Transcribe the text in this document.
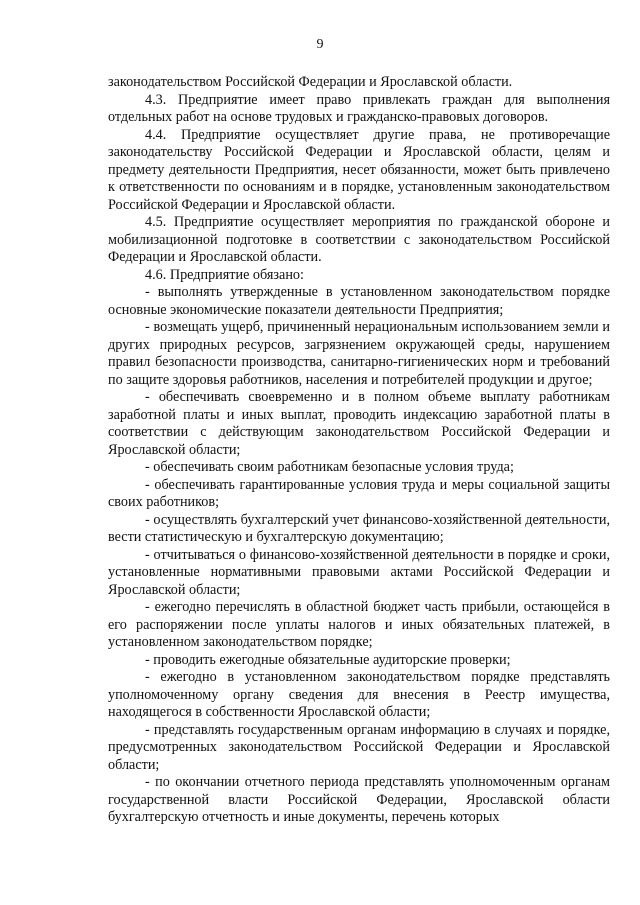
9

законодательством Российской Федерации и Ярославской области.

4.3. Предприятие имеет право привлекать граждан для выполнения отдельных работ на основе трудовых и гражданско-правовых договоров.

4.4. Предприятие осуществляет другие права, не противоречащие законодательству Российской Федерации и Ярославской области, целям и предмету деятельности Предприятия, несет обязанности, может быть привлечено к ответственности по основаниям и в порядке, установленным законодательством Российской Федерации и Ярославской области.

4.5. Предприятие осуществляет мероприятия по гражданской обороне и мобилизационной подготовке в соответствии с законодательством Российской Федерации и Ярославской области.

4.6. Предприятие обязано:

- выполнять утвержденные в установленном законодательством порядке основные экономические показатели деятельности Предприятия;

- возмещать ущерб, причиненный нерациональным использованием земли и других природных ресурсов, загрязнением окружающей среды, нарушением правил безопасности производства, санитарно-гигиенических норм и требований по защите здоровья работников, населения и потребителей продукции и другое;

- обеспечивать своевременно и в полном объеме выплату работникам заработной платы и иных выплат, проводить индексацию заработной платы в соответствии с действующим законодательством Российской Федерации и Ярославской области;

- обеспечивать своим работникам безопасные условия труда;

- обеспечивать гарантированные условия труда и меры социальной защиты своих работников;

- осуществлять бухгалтерский учет финансово-хозяйственной деятельности, вести статистическую и бухгалтерскую документацию;

- отчитываться о финансово-хозяйственной деятельности в порядке и сроки, установленные нормативными правовыми актами Российской Федерации и Ярославской области;

- ежегодно перечислять в областной бюджет часть прибыли, остающейся в его распоряжении после уплаты налогов и иных обязательных платежей, в установленном законодательством порядке;

- проводить ежегодные обязательные аудиторские проверки;

- ежегодно в установленном законодательством порядке представлять уполномоченному органу сведения для внесения в Реестр имущества, находящегося в собственности Ярославской области;

- представлять государственным органам информацию в случаях и порядке, предусмотренных законодательством Российской Федерации и Ярославской области;

- по окончании отчетного периода представлять уполномоченным органам государственной власти Российской Федерации, Ярославской области бухгалтерскую отчетность и иные документы, перечень которых
